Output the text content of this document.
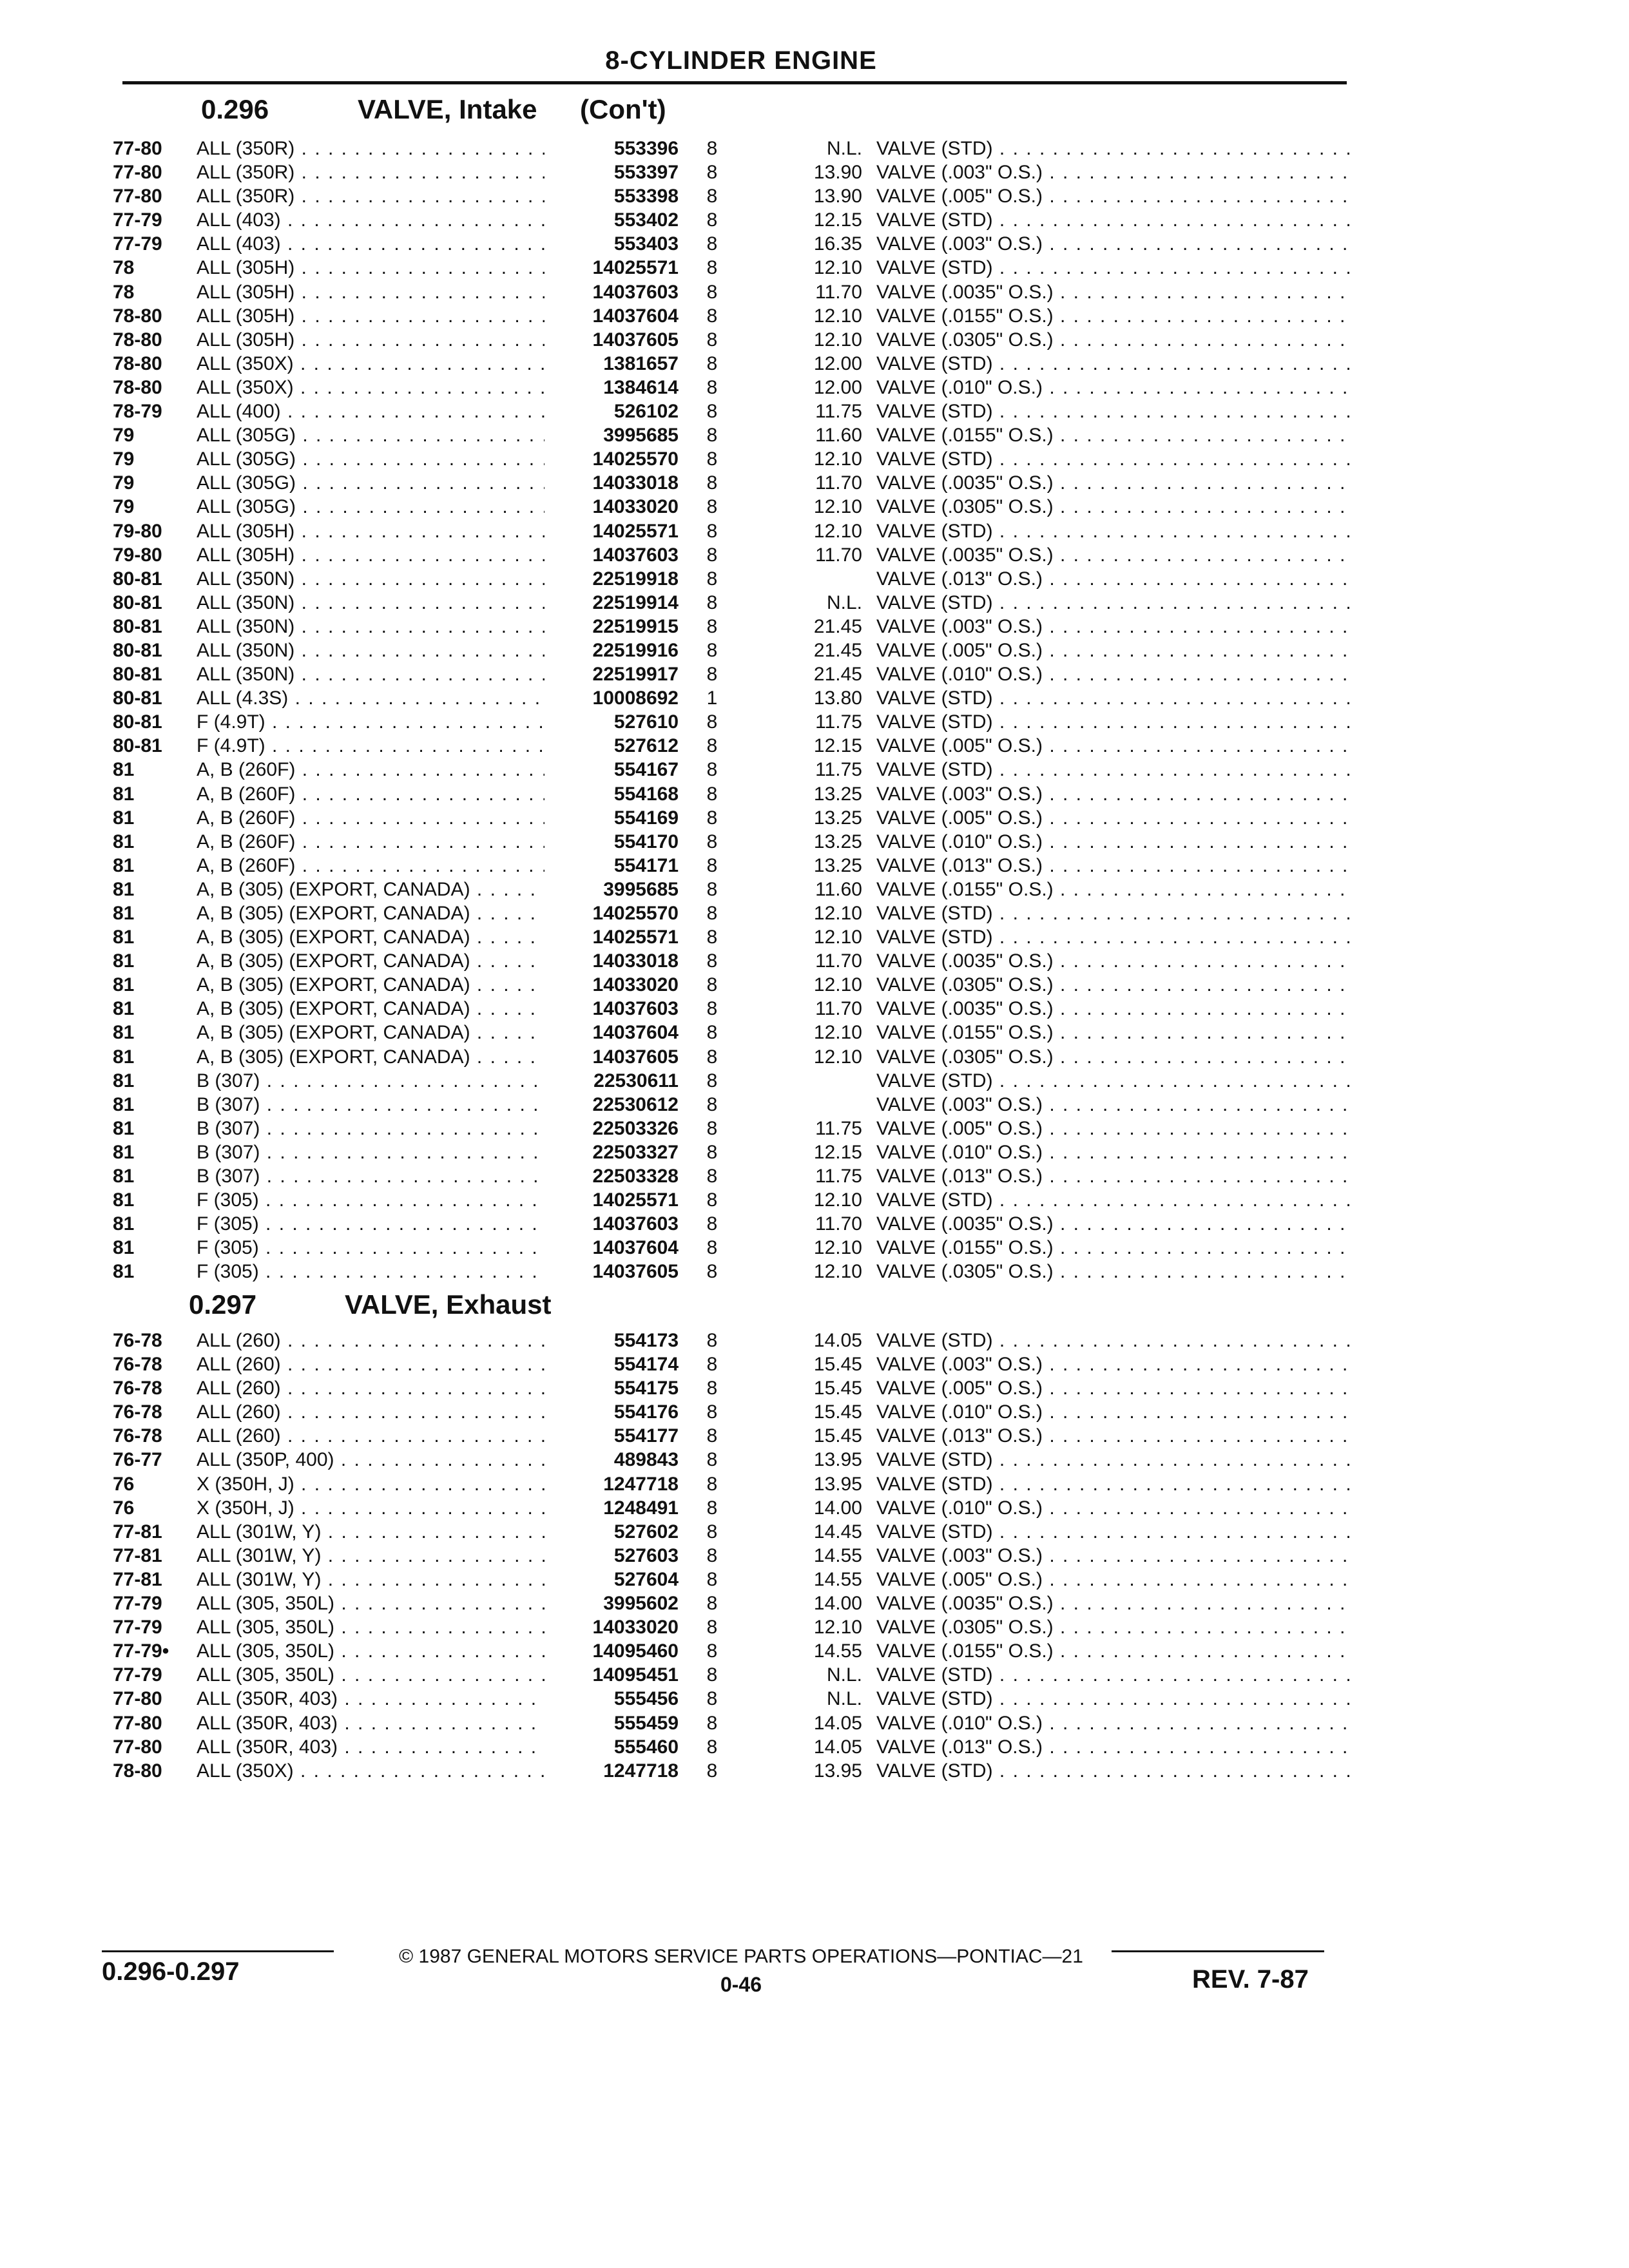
8-CYLINDER ENGINE
0.296	VALVE, Intake (Con't)
77-80 ALL (350R) . . .	553396 8	N.L. VALVE (STD) . . .
77-80 ALL (350R) . . .	553397 8	13.90 VALVE (.003" O.S.) . . .
77-80 ALL (350R) . . .	553398 8	13.90 VALVE (.005" O.S.) . . .
77-79 ALL (403) . . .	553402 8	12.15 VALVE (STD) . . .
77-79 ALL (403) . . .	553403 8	16.35 VALVE (.003" O.S.) . . .
78	ALL (305H) . . .	14025571 8	12.10 VALVE (STD) . . .
78	ALL (305H) . . .	14037603 8	11.70 VALVE (.0035" O.S.) . . .
78-80 ALL (305H) . . .	14037604 8	12.10 VALVE (.0155" O.S.) . . .
78-80 ALL (305H) . . .	14037605 8	12.10 VALVE (.0305" O.S.) . . .
78-80 ALL (350X) . . .	1381657 8	12.00 VALVE (STD) . . .
78-80 ALL (350X) . . .	1384614 8	12.00 VALVE (.010" O.S.) . . .
78-79 ALL (400) . . .	526102 8	11.75 VALVE (STD) . . .
79	ALL (305G) . . .	3995685 8	11.60 VALVE (.0155" O.S.) . . .
79	ALL (305G) . . .	14025570 8	12.10 VALVE (STD) . . .
79	ALL (305G) . . .	14033018 8	11.70 VALVE (.0035" O.S.) . . .
79	ALL (305G) . . .	14033020 8	12.10 VALVE (.0305" O.S.) . . .
79-80 ALL (305H) . . .	14025571 8	12.10 VALVE (STD) . . .
79-80 ALL (305H) . . .	14037603 8	11.70 VALVE (.0035" O.S.) . . .
80-81 ALL (350N) . . .	22519918 8	VALVE (.013" O.S.) . . .
80-81 ALL (350N) . . .	22519914 8	N.L. VALVE (STD) . . .
80-81 ALL (350N) . . .	22519915 8	21.45 VALVE (.003" O.S.) . . .
80-81 ALL (350N) . . .	22519916 8	21.45 VALVE (.005" O.S.) . . .
80-81 ALL (350N) . . .	22519917 8	21.45 VALVE (.010" O.S.) . . .
80-81 ALL (4.3S) . . .	10008692 1	13.80 VALVE (STD) . . .
80-81 F (4.9T) . . .	527610 8	11.75 VALVE (STD) . . .
80-81 F (4.9T) . . .	527612 8	12.15 VALVE (.005" O.S.) . . .
81	A, B (260F) . . .	554167 8	11.75 VALVE (STD) . . .
81	A, B (260F) . . .	554168 8	13.25 VALVE (.003" O.S.) . . .
81	A, B (260F) . . .	554169 8	13.25 VALVE (.005" O.S.) . . .
81	A, B (260F) . . .	554170 8	13.25 VALVE (.010" O.S.) . . .
81	A, B (260F) . . .	554171 8	13.25 VALVE (.013" O.S.) . . .
81	A, B (305) (EXPORT, CANADA) . . .	3995685 8	11.60 VALVE (.0155" O.S.) . . .
81	A, B (305) (EXPORT, CANADA) . . .	14025570 8	12.10 VALVE (STD) . . .
81	A, B (305) (EXPORT, CANADA) . . .	14025571 8	12.10 VALVE (STD) . . .
81	A, B (305) (EXPORT, CANADA) . . .	14033018 8	11.70 VALVE (.0035" O.S.) . . .
81	A, B (305) (EXPORT, CANADA) . . .	14033020 8	12.10 VALVE (.0305" O.S.) . . .
81	A, B (305) (EXPORT, CANADA) . . .	14037603 8	11.70 VALVE (.0035" O.S.) . . .
81	A, B (305) (EXPORT, CANADA) . . .	14037604 8	12.10 VALVE (.0155" O.S.) . . .
81	A, B (305) (EXPORT, CANADA) . . .	14037605 8	12.10 VALVE (.0305" O.S.) . . .
81	B (307) . . .	22530611 8	VALVE (STD) . . .
81	B (307) . . .	22530612 8	VALVE (.003" O.S.) . . .
81	B (307) . . .	22503326 8	11.75 VALVE (.005" O.S.) . . .
81	B (307) . . .	22503327 8	12.15 VALVE (.010" O.S.) . . .
81	B (307) . . .	22503328 8	11.75 VALVE (.013" O.S.) . . .
81	F (305) . . .	14025571 8	12.10 VALVE (STD) . . .
81	F (305) . . .	14037603 8	11.70 VALVE (.0035" O.S.) . . .
81	F (305) . . .	14037604 8	12.10 VALVE (.0155" O.S.) . . .
81	F (305) . . .	14037605 8	12.10 VALVE (.0305" O.S.) . . .
0.297	VALVE, Exhaust
76-78 ALL (260) . . .	554173 8	14.05 VALVE (STD) . . .
76-78 ALL (260) . . .	554174 8	15.45 VALVE (.003" O.S.) . . .
76-78 ALL (260) . . .	554175 8	15.45 VALVE (.005" O.S.) . . .
76-78 ALL (260) . . .	554176 8	15.45 VALVE (.010" O.S.) . . .
76-78 ALL (260) . . .	554177 8	15.45 VALVE (.013" O.S.) . . .
76-77 ALL (350P, 400) . . .	489843 8	13.95 VALVE (STD) . . .
76	X (350H, J) . . .	1247718 8	13.95 VALVE (STD) . . .
76	X (350H, J) . . .	1248491 8	14.00 VALVE (.010" O.S.) . . .
77-81 ALL (301W, Y) . . .	527602 8	14.45 VALVE (STD) . . .
77-81 ALL (301W, Y) . . .	527603 8	14.55 VALVE (.003" O.S.) . . .
77-81 ALL (301W, Y) . . .	527604 8	14.55 VALVE (.005" O.S.) . . .
77-79 ALL (305, 350L) . . .	3995602 8	14.00 VALVE (.0035" O.S.) . . .
77-79 ALL (305, 350L) . . .	14033020 8	12.10 VALVE (.0305" O.S.) . . .
77-79• ALL (305, 350L) . . .	14095460 8	14.55 VALVE (.0155" O.S.) . . .
77-79 ALL (305, 350L) . . .	14095451 8	N.L. VALVE (STD) . . .
77-80 ALL (350R, 403) . . .	555456 8	N.L. VALVE (STD) . . .
77-80 ALL (350R, 403) . . .	555459 8	14.05 VALVE (.010" O.S.) . . .
77-80 ALL (350R, 403) . . .	555460 8	14.05 VALVE (.013" O.S.) . . .
78-80 ALL (350X) . . .	1247718 8	13.95 VALVE (STD) . . .
© 1987 GENERAL MOTORS SERVICE PARTS OPERATIONS—PONTIAC—21
0.296-0.297	0-46	REV. 7-87
